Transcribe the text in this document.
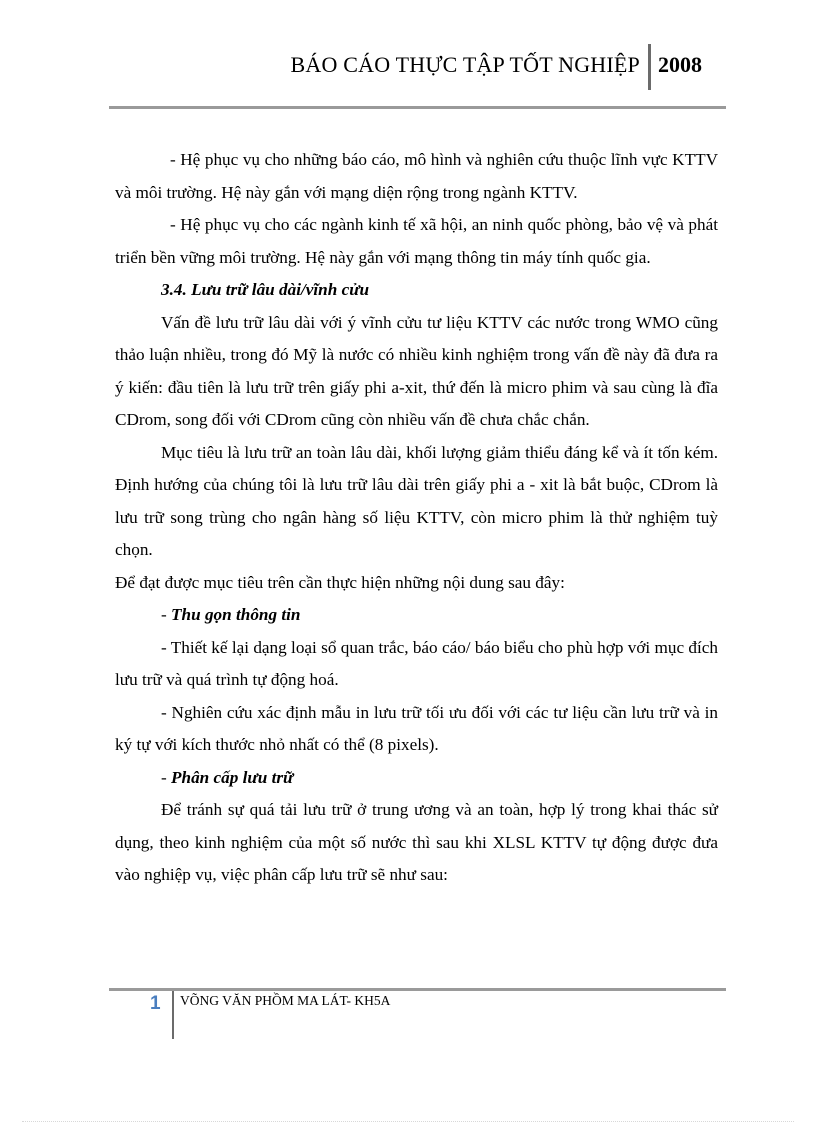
BÁO CÁO THỰC TẬP TỐT NGHIỆP 2008

- Hệ phục vụ cho những báo cáo, mô hình và nghiên cứu thuộc lĩnh vực KTTV và môi trường. Hệ này gắn với mạng diện rộng trong ngành KTTV.

- Hệ phục vụ cho các ngành kinh tế xã hội, an ninh quốc phòng, bảo vệ và phát triển bền vững môi trường. Hệ này gắn với mạng thông tin máy tính quốc gia.

3.4. Lưu trữ lâu dài/vĩnh cửu

Vấn đề lưu trữ lâu dài với ý vĩnh cửu tư liệu KTTV các nước trong WMO cũng thảo luận nhiều, trong đó Mỹ là nước có nhiều kinh nghiệm trong vấn đề này đã đưa ra ý kiến: đầu tiên là lưu trữ trên giấy phi a-xit, thứ đến là micro phim và sau cùng là đĩa CDrom, song đối với CDrom cũng còn nhiều vấn đề chưa chắc chắn.

Mục tiêu là lưu trữ an toàn lâu dài, khối lượng giảm thiểu đáng kể và ít tốn kém. Định hướng của chúng tôi là lưu trữ lâu dài trên giấy phi a - xit là bắt buộc, CDrom là lưu trữ song trùng cho ngân hàng số liệu KTTV, còn micro phim là thử nghiệm tuỳ chọn.

Để đạt được mục tiêu trên cần thực hiện những nội dung sau đây:

- Thu gọn thông tin

- Thiết kế lại dạng loại sổ quan trắc, báo cáo/ báo biểu cho phù hợp với mục đích lưu trữ và quá trình tự động hoá.

- Nghiên cứu xác định mẫu in lưu trữ tối ưu đối với các tư liệu cần lưu trữ và in ký tự với kích thước nhỏ nhất có thể (8 pixels).

- Phân cấp lưu trữ

Để tránh sự quá tải lưu trữ ở trung ương và an toàn, hợp lý trong khai thác sử dụng, theo kinh nghiệm của một số nước thì sau khi XLSL KTTV tự động được đưa vào nghiệp vụ, việc phân cấp lưu trữ sẽ như sau:

1 VÕNG VĂN PHỒM MA LÁT- KH5A
